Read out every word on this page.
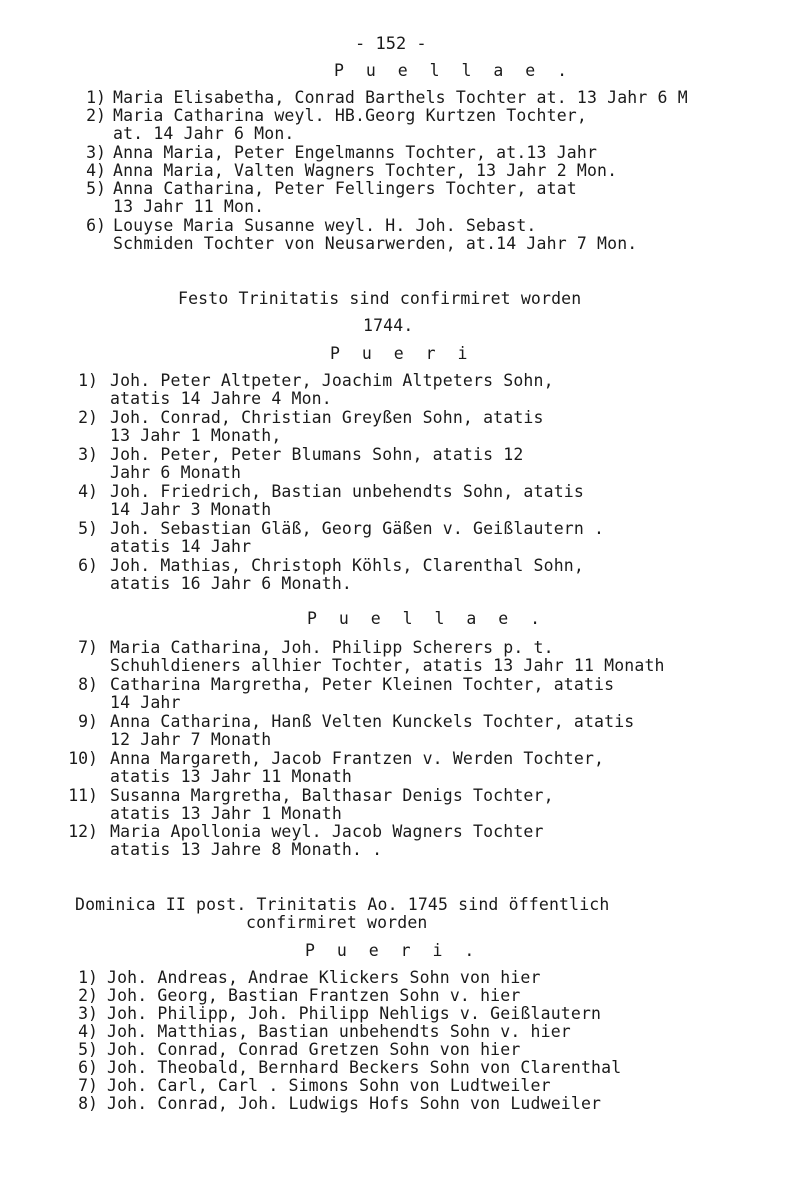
- 152 -
P u e l l a e .
1) Maria Elisabetha, Conrad Barthels Tochter at. 13 Jahr 6 M
2) Maria Catharina weyl. HB.Georg Kurtzen Tochter,
at. 14 Jahr 6 Mon.
3) Anna Maria, Peter Engelmanns Tochter, at.13 Jahr
4) Anna Maria, Valten Wagners Tochter, 13 Jahr 2 Mon.
5) Anna Catharina, Peter Fellingers Tochter, atat
13 Jahr 11 Mon.
6) Louyse Maria Susanne weyl. H. Joh. Sebast.
Schmiden Tochter von Neusarwerden, at.14 Jahr 7 Mon.
Festo Trinitatis sind confirmiret worden
1744.
P u e r i
1) Joh. Peter Altpeter, Joachim Altpeters Sohn,
atatis 14 Jahre 4 Mon.
2) Joh. Conrad, Christian Greyßen Sohn, atatis
13 Jahr 1 Monath,
3) Joh. Peter, Peter Blumans Sohn, atatis 12
Jahr 6 Monath
4) Joh. Friedrich, Bastian unbehendts Sohn, atatis
14 Jahr 3 Monath
5) Joh. Sebastian Gläß, Georg Gäßen v. Geißlautern .
atatis 14 Jahr
6) Joh. Mathias, Christoph Köhls, Clarenthal Sohn,
atatis 16 Jahr 6 Monath.
P u e l l a e .
7) Maria Catharina, Joh. Philipp Scherers p. t.
Schuhldieners allhier Tochter, atatis 13 Jahr 11 Monath
8) Catharina Margretha, Peter Kleinen Tochter, atatis
14 Jahr
9) Anna Catharina, Hanß Velten Kunckels Tochter, atatis
12 Jahr 7 Monath
10) Anna Margareth, Jacob Frantzen v. Werden Tochter,
atatis 13 Jahr 11 Monath
11) Susanna Margretha, Balthasar Denigs Tochter,
atatis 13 Jahr 1 Monath
12) Maria Apollonia weyl. Jacob Wagners Tochter
atatis 13 Jahre 8 Monath. .
Dominica II post. Trinitatis Ao. 1745 sind öffentlich
confirmiret worden
P u e r i .
1) Joh. Andreas, Andrae Klickers Sohn von hier
2) Joh. Georg, Bastian Frantzen Sohn v. hier
3) Joh. Philipp, Joh. Philipp Nehligs v. Geißlautern
4) Joh. Matthias, Bastian unbehendts Sohn v. hier
5) Joh. Conrad, Conrad Gretzen Sohn von hier
6) Joh. Theobald, Bernhard Beckers Sohn von Clarenthal
7) Joh. Carl, Carl . Simons Sohn von Ludtweiler
8) Joh. Conrad, Joh. Ludwigs Hofs Sohn von Ludweiler
